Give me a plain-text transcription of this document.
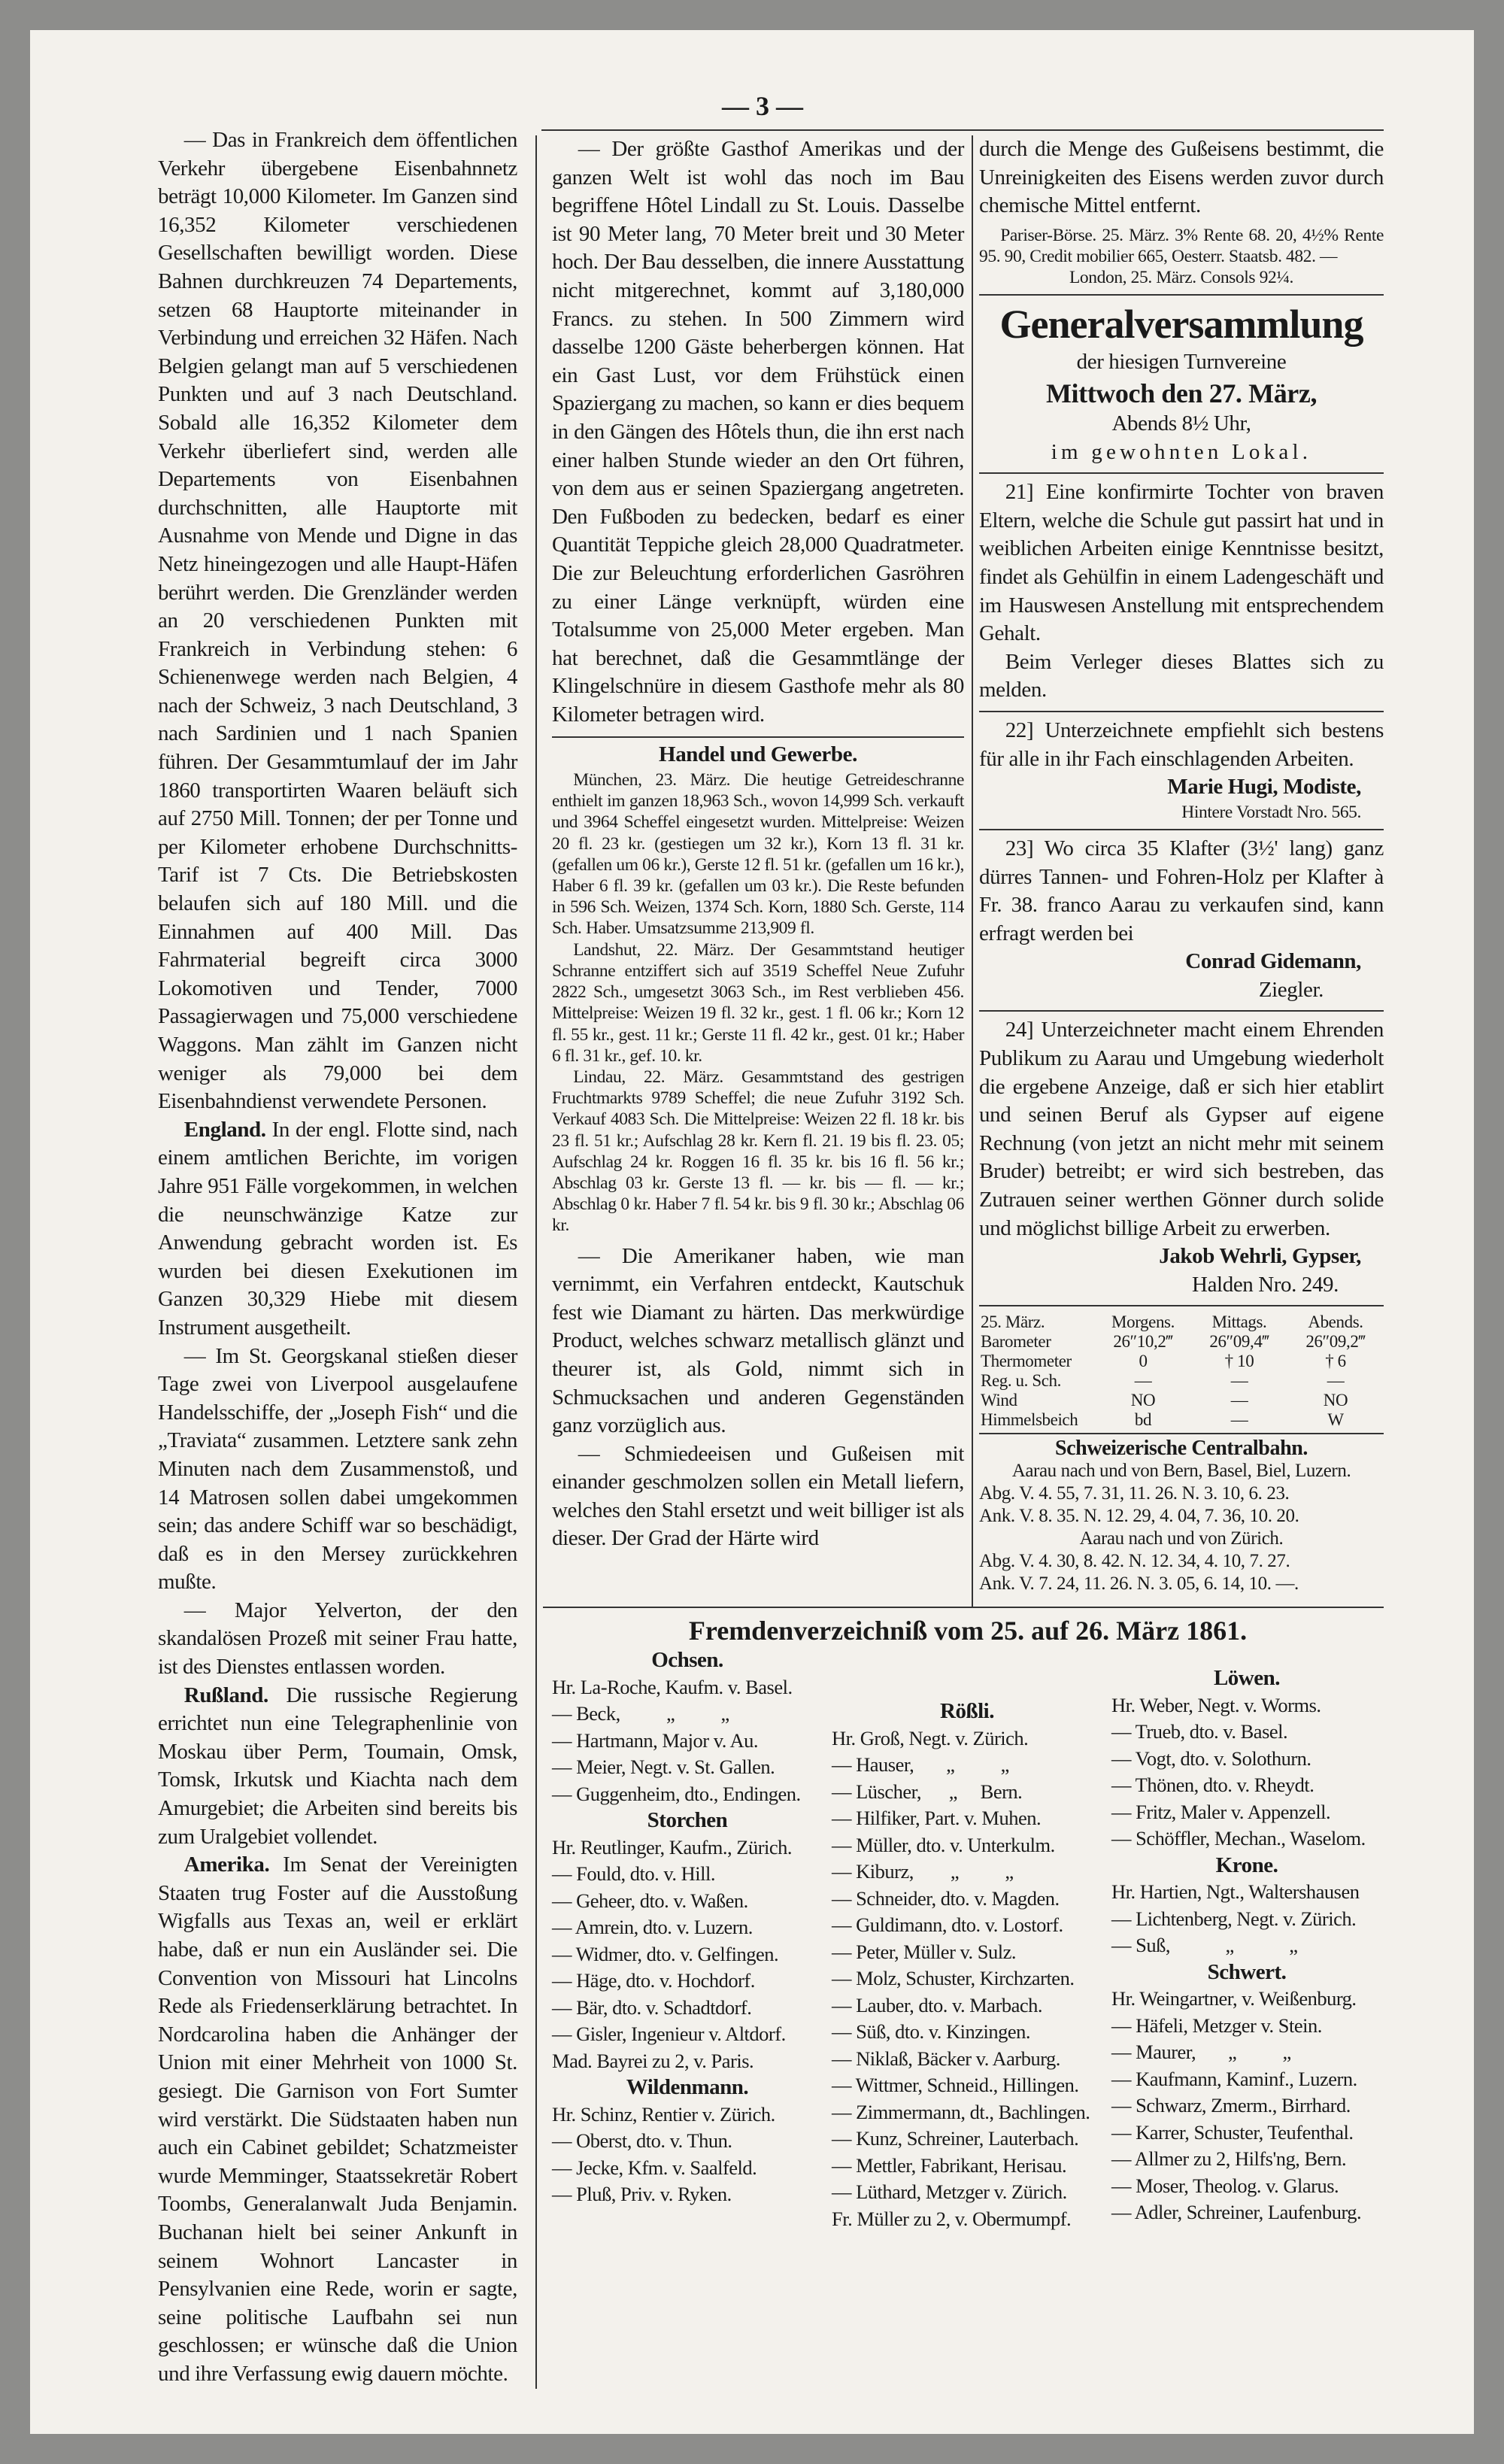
— 3 —

— Das in Frankreich dem öffentlichen Verkehr übergebene Eisenbahnnetz beträgt 10,000 Kilometer. Im Ganzen sind 16,352 Kilometer verschiedenen Gesellschaften bewilligt worden. Diese Bahnen durchkreuzen 74 Departements, setzen 68 Hauptorte miteinander in Verbindung und erreichen 32 Häfen. Nach Belgien gelangt man auf 5 verschiedenen Punkten und auf 3 nach Deutschland. Sobald alle 16,352 Kilometer dem Verkehr überliefert sind, werden alle Departements von Eisenbahnen durchschnitten, alle Hauptorte mit Ausnahme von Mende und Digne in das Netz hineingezogen und alle Haupt-Häfen berührt werden. Die Grenzländer werden an 20 verschiedenen Punkten mit Frankreich in Verbindung stehen: 6 Schienenwege werden nach Belgien, 4 nach der Schweiz, 3 nach Deutschland, 3 nach Sardinien und 1 nach Spanien führen. Der Gesammtumlauf der im Jahr 1860 transportirten Waaren beläuft sich auf 2750 Mill. Tonnen; der per Tonne und per Kilometer erhobene Durchschnitts-Tarif ist 7 Cts. Die Betriebskosten belaufen sich auf 180 Mill. und die Einnahmen auf 400 Mill. Das Fahrmaterial begreift circa 3000 Lokomotiven und Tender, 7000 Passagierwagen und 75,000 verschiedene Waggons. Man zählt im Ganzen nicht weniger als 79,000 bei dem Eisenbahndienst verwendete Personen.

England. In der engl. Flotte sind, nach einem amtlichen Berichte, im vorigen Jahre 951 Fälle vorgekommen, in welchen die neunschwänzige Katze zur Anwendung gebracht worden ist. Es wurden bei diesen Exekutionen im Ganzen 30,329 Hiebe mit diesem Instrument ausgetheilt.

— Im St. Georgskanal stießen dieser Tage zwei von Liverpool ausgelaufene Handelsschiffe, der „Joseph Fish“ und die „Traviata“ zusammen. Letztere sank zehn Minuten nach dem Zusammenstoß, und 14 Matrosen sollen dabei umgekommen sein; das andere Schiff war so beschädigt, daß es in den Mersey zurückkehren mußte.

— Major Yelverton, der den skandalösen Prozeß mit seiner Frau hatte, ist des Dienstes entlassen worden.

Rußland. Die russische Regierung errichtet nun eine Telegraphenlinie von Moskau über Perm, Toumain, Omsk, Tomsk, Irkutsk und Kiachta nach dem Amurgebiet; die Arbeiten sind bereits bis zum Uralgebiet vollendet.

Amerika. Im Senat der Vereinigten Staaten trug Foster auf die Ausstoßung Wigfalls aus Texas an, weil er erklärt habe, daß er nun ein Ausländer sei. Die Convention von Missouri hat Lincolns Rede als Friedenserklärung betrachtet. In Nordcarolina haben die Anhänger der Union mit einer Mehrheit von 1000 St. gesiegt. Die Garnison von Fort Sumter wird verstärkt. Die Südstaaten haben nun auch ein Cabinet gebildet; Schatzmeister wurde Memminger, Staatssekretär Robert Toombs, Generalanwalt Juda Benjamin. Buchanan hielt bei seiner Ankunft in seinem Wohnort Lancaster in Pensylvanien eine Rede, worin er sagte, seine politische Laufbahn sei nun geschlossen; er wünsche daß die Union und ihre Verfassung ewig dauern möchte.

— Der größte Gasthof Amerikas und der ganzen Welt ist wohl das noch im Bau begriffene Hôtel Lindall zu St. Louis. Dasselbe ist 90 Meter lang, 70 Meter breit und 30 Meter hoch. Der Bau desselben, die innere Ausstattung nicht mitgerechnet, kommt auf 3,180,000 Francs. zu stehen. In 500 Zimmern wird dasselbe 1200 Gäste beherbergen können. Hat ein Gast Lust, vor dem Frühstück einen Spaziergang zu machen, so kann er dies bequem in den Gängen des Hôtels thun, die ihn erst nach einer halben Stunde wieder an den Ort führen, von dem aus er seinen Spaziergang angetreten. Den Fußboden zu bedecken, bedarf es einer Quantität Teppiche gleich 28,000 Quadratmeter. Die zur Beleuchtung erforderlichen Gasröhren zu einer Länge verknüpft, würden eine Totalsumme von 25,000 Meter ergeben. Man hat berechnet, daß die Gesammtlänge der Klingelschnüre in diesem Gasthofe mehr als 80 Kilometer betragen wird.

Handel und Gewerbe.

München, 23. März. Die heutige Getreideschranne enthielt im ganzen 18,963 Sch., wovon 14,999 Sch. verkauft und 3964 Scheffel eingesetzt wurden. Mittelpreise: Weizen 20 fl. 23 kr. (gestiegen um 32 kr.), Korn 13 fl. 31 kr. (gefallen um 06 kr.), Gerste 12 fl. 51 kr. (gefallen um 16 kr.), Haber 6 fl. 39 kr. (gefallen um 03 kr.). Die Reste befunden in 596 Sch. Weizen, 1374 Sch. Korn, 1880 Sch. Gerste, 114 Sch. Haber. Umsatzsumme 213,909 fl.

Landshut, 22. März. Der Gesammtstand heutiger Schranne entziffert sich auf 3519 Scheffel Neue Zufuhr 2822 Sch., umgesetzt 3063 Sch., im Rest verblieben 456. Mittelpreise: Weizen 19 fl. 32 kr., gest. 1 fl. 06 kr.; Korn 12 fl. 55 kr., gest. 11 kr.; Gerste 11 fl. 42 kr., gest. 01 kr.; Haber 6 fl. 31 kr., gef. 10. kr.

Lindau, 22. März. Gesammtstand des gestrigen Fruchtmarkts 9789 Scheffel; die neue Zufuhr 3192 Sch. Verkauf 4083 Sch. Die Mittelpreise: Weizen 22 fl. 18 kr. bis 23 fl. 51 kr.; Aufschlag 28 kr. Kern fl. 21. 19 bis fl. 23. 05; Aufschlag 24 kr. Roggen 16 fl. 35 kr. bis 16 fl. 56 kr.; Abschlag 03 kr. Gerste 13 fl. — kr. bis — fl. — kr.; Abschlag 0 kr. Haber 7 fl. 54 kr. bis 9 fl. 30 kr.; Abschlag 06 kr.

— Die Amerikaner haben, wie man vernimmt, ein Verfahren entdeckt, Kautschuk fest wie Diamant zu härten. Das merkwürdige Product, welches schwarz metallisch glänzt und theurer ist, als Gold, nimmt sich in Schmucksachen und anderen Gegenständen ganz vorzüglich aus.

— Schmiedeeisen und Gußeisen mit einander geschmolzen sollen ein Metall liefern, welches den Stahl ersetzt und weit billiger ist als dieser. Der Grad der Härte wird

durch die Menge des Gußeisens bestimmt, die Unreinigkeiten des Eisens werden zuvor durch chemische Mittel entfernt.

Pariser-Börse. 25. März. 3% Rente 68. 20, 4½% Rente 95. 90, Credit mobilier 665, Oesterr. Staatsb. 482. —

London, 25. März. Consols 92¼.

Generalversammlung
der hiesigen Turnvereine
Mittwoch den 27. März,
Abends 8½ Uhr,
im gewohnten Lokal.

21] Eine konfirmirte Tochter von braven Eltern, welche die Schule gut passirt hat und in weiblichen Arbeiten einige Kenntnisse besitzt, findet als Gehülfin in einem Ladengeschäft und im Hauswesen Anstellung mit entsprechendem Gehalt.

Beim Verleger dieses Blattes sich zu melden.

22] Unterzeichnete empfiehlt sich bestens für alle in ihr Fach einschlagenden Arbeiten.

Marie Hugi, Modiste,

Hintere Vorstadt Nro. 565.

23] Wo circa 35 Klafter (3½' lang) ganz dürres Tannen- und Fohren-Holz per Klafter à Fr. 38. franco Aarau zu verkaufen sind, kann erfragt werden bei

Conrad Gidemann,

Ziegler.

24] Unterzeichneter macht einem Ehrenden Publikum zu Aarau und Umgebung wiederholt die ergebene Anzeige, daß er sich hier etablirt und seinen Beruf als Gypser auf eigene Rechnung (von jetzt an nicht mehr mit seinem Bruder) betreibt; er wird sich bestreben, das Zutrauen seiner werthen Gönner durch solide und möglichst billige Arbeit zu erwerben.

Jakob Wehrli, Gypser,

Halden Nro. 249.

25. März.	Morgens.	Mittags.	Abends.
Barometer	26″10,2‴	26″09,4‴	26″09,2‴
Thermometer	0	† 10	† 6
Reg. u. Sch.	—	—	—
Wind	NO	—	NO
Himmelsbeich	bd	—	W
Schweizerische Centralbahn.
Aarau nach und von Bern, Basel, Biel, Luzern.
Abg. V. 4. 55, 7. 31, 11. 26. N. 3. 10, 6. 23.
Ank. V. 8. 35. N. 12. 29, 4. 04, 7. 36, 10. 20.
Aarau nach und von Zürich.
Abg. V. 4. 30, 8. 42. N. 12. 34, 4. 10, 7. 27.
Ank. V. 7. 24, 11. 26. N. 3. 05, 6. 14, 10. —.
Fremdenverzeichniß vom 25. auf 26. März 1861.
Ochsen.
Hr. La-Roche, Kaufm. v. Basel.
— Beck,          „          „
— Hartmann, Major v. Au.
— Meier, Negt. v. St. Gallen.
— Guggenheim, dto., Endingen.
Storchen
Hr. Reutlinger, Kaufm., Zürich.
— Fould, dto. v. Hill.
— Geheer, dto. v. Waßen.
— Amrein, dto. v. Luzern.
— Widmer, dto. v. Gelfingen.
— Häge, dto. v. Hochdorf.
— Bär, dto. v. Schadtdorf.
— Gisler, Ingenieur v. Altdorf.
Mad. Bayrei zu 2, v. Paris.
Wildenmann.
Hr. Schinz, Rentier v. Zürich.
— Oberst, dto. v. Thun.
— Jecke, Kfm. v. Saalfeld.
— Pluß, Priv. v. Ryken.
Rößli.
Hr. Groß, Negt. v. Zürich.
— Hauser,       „          „
— Lüscher,      „     Bern.
— Hilfiker, Part. v. Muhen.
— Müller, dto. v. Unterkulm.
— Kiburz,        „          „
— Schneider, dto. v. Magden.
— Guldimann, dto. v. Lostorf.
— Peter, Müller v. Sulz.
— Molz, Schuster, Kirchzarten.
— Lauber, dto. v. Marbach.
— Süß, dto. v. Kinzingen.
— Niklaß, Bäcker v. Aarburg.
— Wittmer, Schneid., Hillingen.
— Zimmermann, dt., Bachlingen.
— Kunz, Schreiner, Lauterbach.
— Mettler, Fabrikant, Herisau.
— Lüthard, Metzger v. Zürich.
Fr. Müller zu 2, v. Obermumpf.
Löwen.
Hr. Weber, Negt. v. Worms.
— Trueb, dto. v. Basel.
— Vogt, dto. v. Solothurn.
— Thönen, dto. v. Rheydt.
— Fritz, Maler v. Appenzell.
— Schöffler, Mechan., Waselom.
Krone.
Hr. Hartien, Ngt., Waltershausen
— Lichtenberg, Negt. v. Zürich.
— Suß,            „            „
Schwert.
Hr. Weingartner, v. Weißenburg.
— Häfeli, Metzger v. Stein.
— Maurer,       „          „
— Kaufmann, Kaminf., Luzern.
— Schwarz, Zmerm., Birrhard.
— Karrer, Schuster, Teufenthal.
— Allmer zu 2, Hilfs'ng, Bern.
— Moser, Theolog. v. Glarus.
— Adler, Schreiner, Laufenburg.
